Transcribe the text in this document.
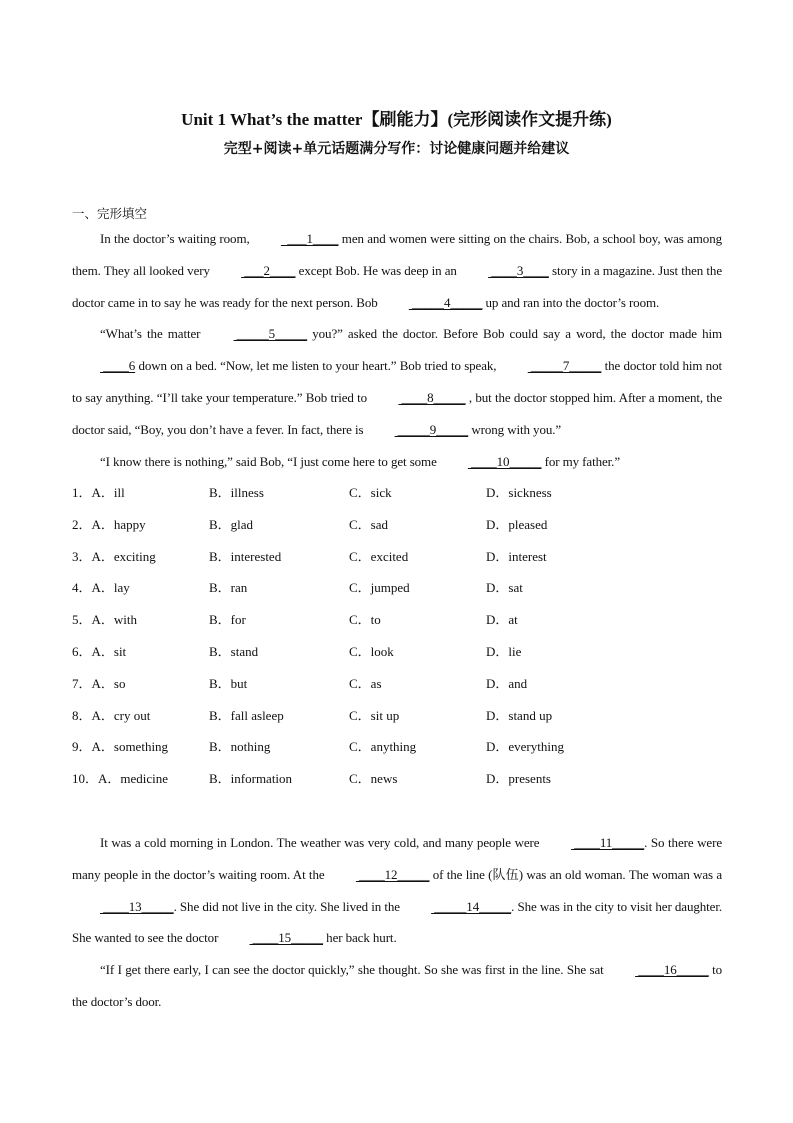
Unit 1 What’s the matter【刷能力】(完形阅读作文提升练)
完型+阅读+单元话题满分写作：讨论健康问题并给建议
一、完形填空

In the doctor’s waiting room,   ___1____ men and women were sitting on the chairs. Bob, a school boy, was among them. They all looked very  ___2____ except Bob. He was deep in an  ____3____ story in a magazine. Just then the doctor came in to say he was ready for the next person. Bob  _____4_____ up and ran into the doctor’s room.

“What’s the matter  _____5_____ you?” asked the doctor. Before Bob could say a word, the doctor made him  ____6 down on a bed. “Now, let me listen to your heart.” Bob tried to speak,  _____7_____ the doctor told him not to say anything. “I’ll take your temperature.” Bob tried to  ____8_____ , but the doctor stopped him. After a moment, the doctor said, “Boy, you don’t have a fever. In fact, there is  _____9_____ wrong with you.”

“I know there is nothing,” said Bob, “I just come here to get some  ____10_____ for my father.”

1．A．ill	B．illness	C．sick	D．sickness
2．A．happy	B．glad	C．sad	D．pleased
3．A．exciting	B．interested	C．excited	D．interest
4．A．lay	B．ran	C．jumped	D．sat
5．A．with	B．for	C．to	D．at
6．A．sit	B．stand	C．look	D．lie
7．A．so	B．but	C．as	D．and
8．A．cry out	B．fall asleep	C．sit up	D．stand up
9．A．something	B．nothing	C．anything	D．everything
10．A．medicine	B．information	C．news	D．presents

It was a cold morning in London. The weather was very cold, and many people were  ____11_____. So there were many people in the doctor’s waiting room. At the  ____12_____ of the line (队伍) was an old woman. The woman was a  ____13_____. She did not live in the city. She lived in the  _____14_____. She was in the city to visit her daughter. She wanted to see the doctor  ____15_____ her back hurt.

“If I get there early, I can see the doctor quickly,” she thought. So she was first in the line. She sat  ____16_____ to the doctor’s door.
